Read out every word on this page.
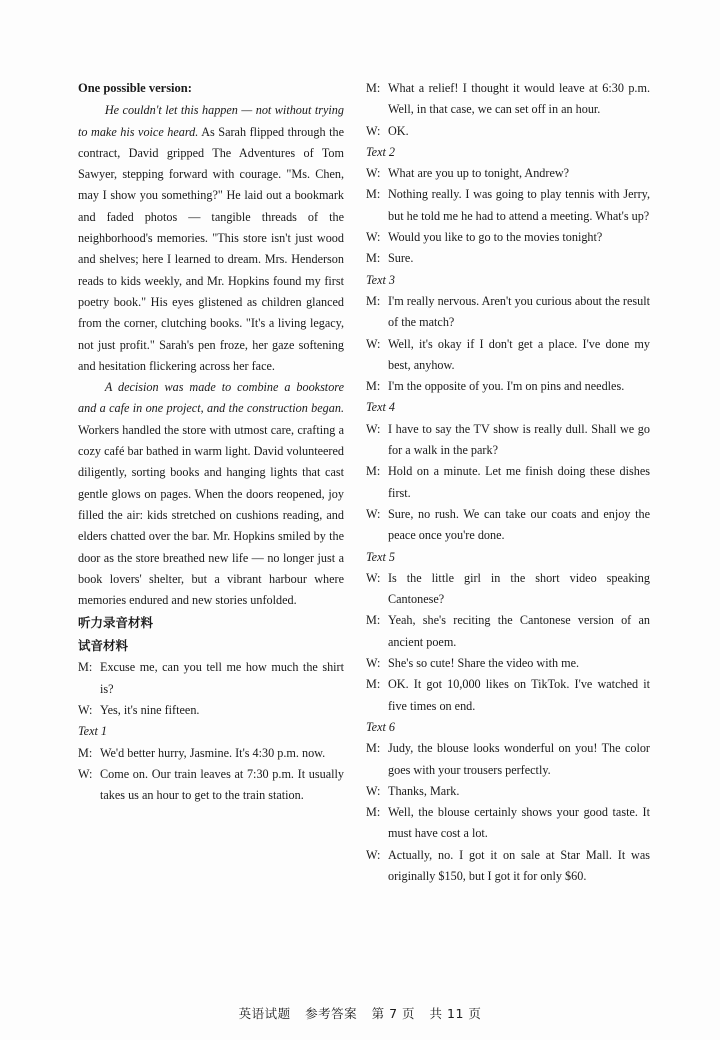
One possible version:

He couldn't let this happen — not without trying to make his voice heard. As Sarah flipped through the contract, David gripped The Adventures of Tom Sawyer, stepping forward with courage. "Ms. Chen, may I show you something?" He laid out a bookmark and faded photos — tangible threads of the neighborhood's memories. "This store isn't just wood and shelves; here I learned to dream. Mrs. Henderson reads to kids weekly, and Mr. Hopkins found my first poetry book." His eyes glistened as children glanced from the corner, clutching books. "It's a living legacy, not just profit." Sarah's pen froze, her gaze softening and hesitation flickering across her face.

A decision was made to combine a bookstore and a cafe in one project, and the construction began. Workers handled the store with utmost care, crafting a cozy café bar bathed in warm light. David volunteered diligently, sorting books and hanging lights that cast gentle glows on pages. When the doors reopened, joy filled the air: kids stretched on cushions reading, and elders chatted over the bar. Mr. Hopkins smiled by the door as the store breathed new life — no longer just a book lovers' shelter, but a vibrant harbour where memories endured and new stories unfolded.

听力录音材料
试音材料
M: Excuse me, can you tell me how much the shirt is?
W: Yes, it's nine fifteen.
Text 1
M: We'd better hurry, Jasmine. It's 4:30 p.m. now.
W: Come on. Our train leaves at 7:30 p.m. It usually takes us an hour to get to the train station.
M: What a relief! I thought it would leave at 6:30 p.m. Well, in that case, we can set off in an hour.
W: OK.
Text 2
W: What are you up to tonight, Andrew?
M: Nothing really. I was going to play tennis with Jerry, but he told me he had to attend a meeting. What's up?
W: Would you like to go to the movies tonight?
M: Sure.
Text 3
M: I'm really nervous. Aren't you curious about the result of the match?
W: Well, it's okay if I don't get a place. I've done my best, anyhow.
M: I'm the opposite of you. I'm on pins and needles.
Text 4
W: I have to say the TV show is really dull. Shall we go for a walk in the park?
M: Hold on a minute. Let me finish doing these dishes first.
W: Sure, no rush. We can take our coats and enjoy the peace once you're done.
Text 5
W: Is the little girl in the short video speaking Cantonese?
M: Yeah, she's reciting the Cantonese version of an ancient poem.
W: She's so cute! Share the video with me.
M: OK. It got 10,000 likes on TikTok. I've watched it five times on end.
Text 6
M: Judy, the blouse looks wonderful on you! The color goes with your trousers perfectly.
W: Thanks, Mark.
M: Well, the blouse certainly shows your good taste. It must have cost a lot.
W: Actually, no. I got it on sale at Star Mall. It was originally $150, but I got it for only $60.
英语试题 参考答案 第 7 页 共 11 页
